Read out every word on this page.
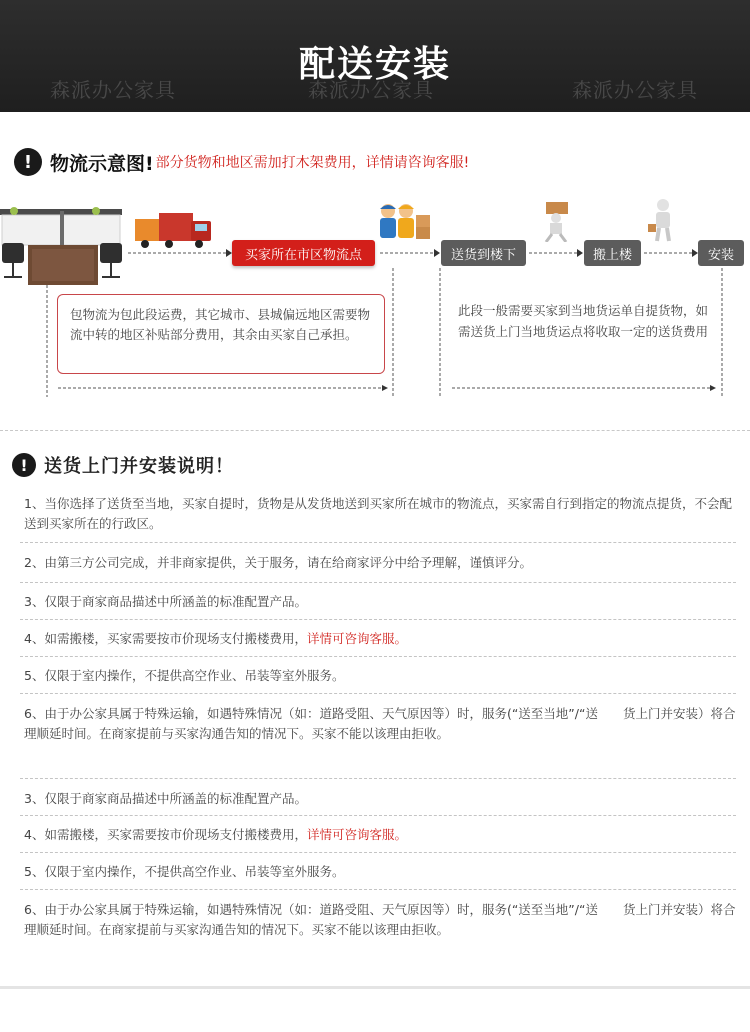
森派办公家具	森派办公家具	森派办公家具
配送安装
! 物流示意图! 部分货物和地区需加打木架费用，详情请咨询客服!
买家所在市区物流点	送货到楼下	搬上楼	安装
包物流为包此段运费，其它城市、县城偏远地区需要物流中转的地区补贴部分费用，其余由买家自己承担。
此段一般需要买家到当地货运单自提货物，如需送货上门当地货运点将收取一定的送货费用
! 送货上门并安装说明！
1、当你选择了送货至当地，买家自提时，货物是从发货地送到买家所在城市的物流点，买家需自行到指定的物流点提货，不会配送到买家所在的行政区。
2、由第三方公司完成，并非商家提供，关于服务，请在给商家评分中给予理解，谨慎评分。
3、仅限于商家商品描述中所涵盖的标准配置产品。
4、如需搬楼，买家需要按市价现场支付搬楼费用，详情可咨询客服。
5、仅限于室内操作，不提供高空作业、吊装等室外服务。
6、由于办公家具属于特殊运输，如遇特殊情况（如：道路受阻、天气原因等）时，服务(“送至当地”/“送　　货上门并安装）将合理顺延时间。在商家提前与买家沟通告知的情况下。买家不能以该理由拒收。
3、仅限于商家商品描述中所涵盖的标准配置产品。
4、如需搬楼，买家需要按市价现场支付搬楼费用，详情可咨询客服。
5、仅限于室内操作，不提供高空作业、吊装等室外服务。
6、由于办公家具属于特殊运输，如遇特殊情况（如：道路受阻、天气原因等）时，服务(“送至当地”/“送　　货上门并安装）将合理顺延时间。在商家提前与买家沟通告知的情况下。买家不能以该理由拒收。
